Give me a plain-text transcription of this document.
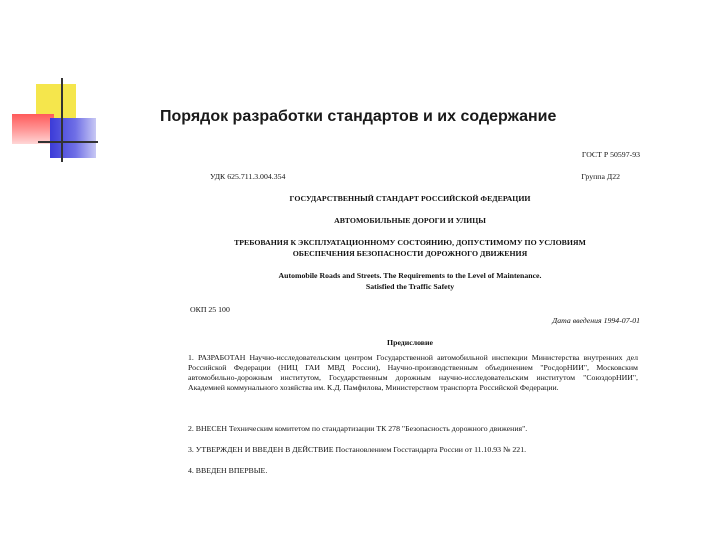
Порядок разработки стандартов и их содержание
ГОСТ Р 50597-93
УДК 625.711.3.004.354	Группа Д22
ГОСУДАРСТВЕННЫЙ СТАНДАРТ РОССИЙСКОЙ ФЕДЕРАЦИИ
АВТОМОБИЛЬНЫЕ ДОРОГИ И УЛИЦЫ
ТРЕБОВАНИЯ К ЭКСПЛУАТАЦИОННОМУ СОСТОЯНИЮ, ДОПУСТИМОМУ ПО УСЛОВИЯМ
ОБЕСПЕЧЕНИЯ БЕЗОПАСНОСТИ ДОРОЖНОГО ДВИЖЕНИЯ
Automobile Roads and Streets. The Requirements to the Level of Maintenance.
Satisfied the Traffic Safety
ОКП 25 100
Дата введения 1994-07-01
Предисловие
1. РАЗРАБОТАН Научно-исследовательским центром Государственной автомобильной инспекции Министерства внутренних дел Российской Федерации (НИЦ ГАИ МВД России), Научно-производственным объединением "РосдорНИИ", Московским автомобильно-дорожным институтом, Государственным дорожным научно-исследовательским институтом "СоюздорНИИ", Академией коммунального хозяйства им. К.Д. Памфилова, Министерством транспорта Российской Федерации.
2. ВНЕСЕН Техническим комитетом по стандартизации ТК 278 "Безопасность дорожного движения".
3. УТВЕРЖДЕН И ВВЕДЕН В ДЕЙСТВИЕ Постановлением Госстандарта России от 11.10.93 № 221.
4. ВВЕДЕН ВПЕРВЫЕ.
